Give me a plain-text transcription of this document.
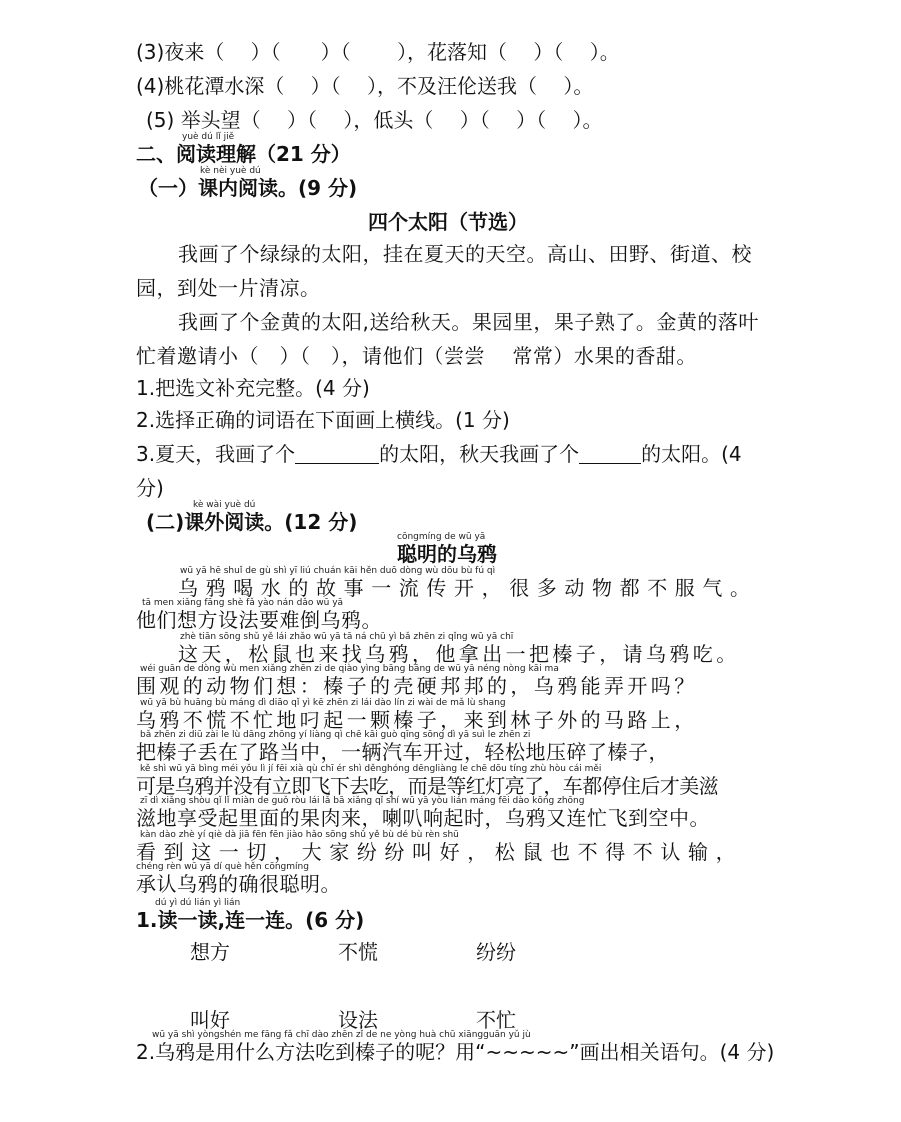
(3)夜来（　 ）（　　）（　　 ），花落知（　 ）（　 ）。
(4)桃花潭水深（　 ）（　 ），不及汪伦送我（　 ）。
(5) 举头望（　 ）（　 ），低头（　 ）（　 ）（　 ）。
yuè dú lǐ jiě
二、阅读理解（21 分）
kè nèi yuè dú
（一）课内阅读。(9 分)
四个太阳（节选）
我画了个绿绿的太阳，挂在夏天的天空。高山、田野、街道、校
园，到处一片清凉。
我画了个金黄的太阳,送给秋天。果园里，果子熟了。金黄的落叶
忙着邀请小（　）（　），请他们（尝尝　 常常）水果的香甜。
1.把选文补充完整。(4 分)
2.选择正确的词语在下面画上横线。(1 分)
3.夏天，我画了个	的太阳，秋天我画了个	的太阳。(4
分)
kè wài yuè dú
(二)课外阅读。(12 分)
cōngmíng de wū yā
聪明的乌鸦
wū yā hē shuǐ de gù shì yī liú chuán kāi hěn duō dòng wù dōu bù fú qì
乌鸦喝水的故事一流传开，很多动物都不服气。
tā men xiǎng fāng shè fǎ yào nán dǎo wū yā
他们想方设法要难倒乌鸦。
zhè tiān sōng shǔ yě lái zhǎo wū yā tā ná chū yì bǎ zhēn zi qǐng wū yā chī
这天，松鼠也来找乌鸦，他拿出一把榛子，请乌鸦吃。
wéi guān de dòng wù men xiǎng zhēn zi de qiào yìng bāng bāng de wū yā néng nòng kāi ma
围观的动物们想：榛子的壳硬邦邦的，乌鸦能弄开吗？
wū yā bù huāng bù máng dì diāo qǐ yì kē zhēn zi lái dào lín zi wài de mǎ lù shang
乌鸦不慌不忙地叼起一颗榛子，来到林子外的马路上，
bǎ zhēn zi diū zài le lù dāng zhōng yí liàng qì chē kāi guò qīng sōng dì yā suì le zhēn zi
把榛子丢在了路当中，一辆汽车开过，轻松地压碎了榛子，
kě shì wū yā bìng méi yǒu lì jí fēi xià qù chī ér shì děnghóng dēngliàng le chē dōu tíng zhù hòu cái měi
可是乌鸦并没有立即飞下去吃，而是等红灯亮了，车都停住后才美滋
zī dì xiǎng shòu qǐ lǐ miàn de guǒ ròu lái lǎ bā xiǎng qǐ shí wū yā yòu lián máng fēi dào kōng zhōng
滋地享受起里面的果肉来，喇叭响起时，乌鸦又连忙飞到空中。
kàn dào zhè yí qiè dà jiā fēn fēn jiào hǎo sōng shǔ yě bù dé bù rèn shū
看到这一切，大家纷纷叫好，松鼠也不得不认输，
chéng rèn wū yā dí què hěn cōngmíng
承认乌鸦的确很聪明。
dú yì dú lián yì lián
1.读一读,连一连。(6 分)
想方	不慌	纷纷
叫好	设法	不忙
wū yā shì yòngshén me fāng fǎ chī dào zhēn zǐ de ne yòng huà chū xiāngguān yǔ jù
2.乌鸦是用什么方法吃到榛子的呢？用“~~~~~”画出相关语句。(4 分)
